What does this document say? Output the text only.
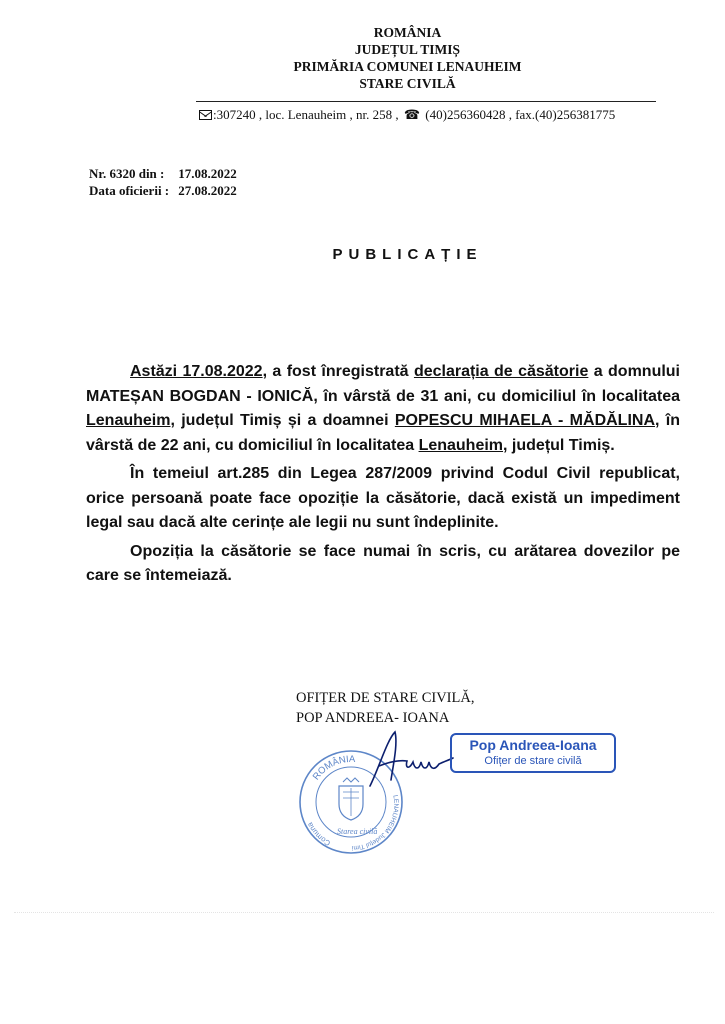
ROMÂNIA
JUDEȚUL TIMIȘ
PRIMĂRIA COMUNEI LENAUHEIM
STARE CIVILĂ
:307240 , loc. Lenauheim , nr. 258 , ☎ (40)256360428 , fax.(40)256381775
Nr. 6320 din : 17.08.2022
Data oficierii : 27.08.2022
PUBLICAȚIE

Astăzi 17.08.2022, a fost înregistrată declarația de căsătorie a domnului MATEȘAN BOGDAN - IONICĂ, în vârstă de 31 ani, cu domiciliul în localitatea Lenauheim, județul Timiș și a doamnei POPESCU MIHAELA - MĂDĂLINA, în vârstă de 22 ani, cu domiciliul în localitatea Lenauheim, județul Timiș.

În temeiul art.285 din Legea 287/2009 privind Codul Civil republicat, orice persoană poate face opoziție la căsătorie, dacă există un impediment legal sau dacă alte cerințe ale legii nu sunt îndeplinite.

Opoziția la căsătorie se face numai în scris, cu arătarea dovezilor pe care se întemeiază.

OFIȚER DE STARE CIVILĂ,
POP ANDREEA- IOANA
ROMÂNIA
Comuna
LENAUHEIM Județul Timi
Starea civilă
Pop Andreea-Ioana
Ofițer de stare civilă
